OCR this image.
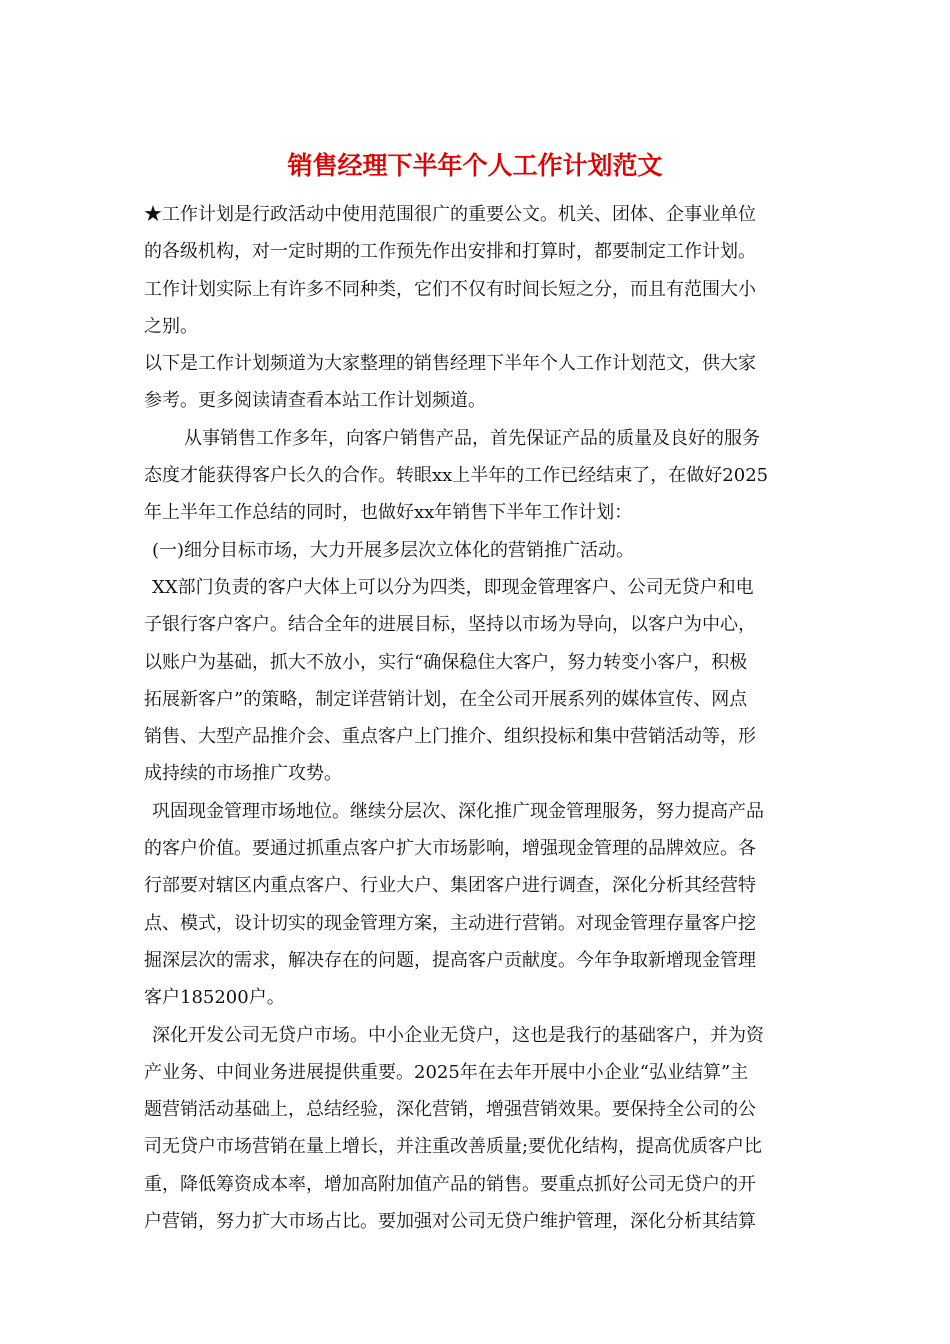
销售经理下半年个人工作计划范文
★工作计划是行政活动中使用范围很广的重要公文。机关、团体、企事业单位
的各级机构，对一定时期的工作预先作出安排和打算时，都要制定工作计划。
工作计划实际上有许多不同种类，它们不仅有时间长短之分，而且有范围大小
之别。
以下是工作计划频道为大家整理的销售经理下半年个人工作计划范文，供大家
参考。更多阅读请查看本站工作计划频道。
从事销售工作多年，向客户销售产品，首先保证产品的质量及良好的服务
态度才能获得客户长久的合作。转眼xx上半年的工作已经结束了，在做好2025
年上半年工作总结的同时，也做好xx年销售下半年工作计划：
(一)细分目标市场，大力开展多层次立体化的营销推广活动。
XX部门负责的客户大体上可以分为四类，即现金管理客户、公司无贷户和电
子银行客户客户。结合全年的进展目标，坚持以市场为导向，以客户为中心，
以账户为基础，抓大不放小，实行“确保稳住大客户，努力转变小客户，积极
拓展新客户”的策略，制定详营销计划，在全公司开展系列的媒体宣传、网点
销售、大型产品推介会、重点客户上门推介、组织投标和集中营销活动等，形
成持续的市场推广攻势。
巩固现金管理市场地位。继续分层次、深化推广现金管理服务，努力提高产品
的客户价值。要通过抓重点客户扩大市场影响，增强现金管理的品牌效应。各
行部要对辖区内重点客户、行业大户、集团客户进行调查，深化分析其经营特
点、模式，设计切实的现金管理方案，主动进行营销。对现金管理存量客户挖
掘深层次的需求，解决存在的问题，提高客户贡献度。今年争取新增现金管理
客户185200户。
深化开发公司无贷户市场。中小企业无贷户，这也是我行的基础客户，并为资
产业务、中间业务进展提供重要。2025年在去年开展中小企业“弘业结算”主
题营销活动基础上，总结经验，深化营销，增强营销效果。要保持全公司的公
司无贷户市场营销在量上增长，并注重改善质量;要优化结构，提高优质客户比
重，降低筹资成本率，增加高附加值产品的销售。要重点抓好公司无贷户的开
户营销，努力扩大市场占比。要加强对公司无贷户维护管理，深化分析其结算
